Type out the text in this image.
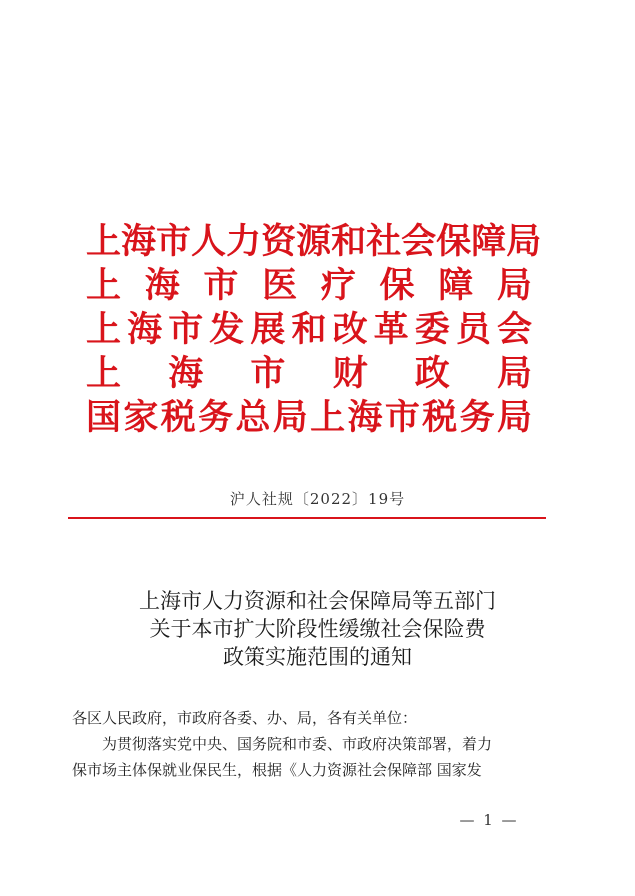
上 海 市 人 力 资 源 和 社 会 保 障 局
上 海 市 医 疗 保 障 局
上 海 市 发 展 和 改 革 委 员 会
上 海 市 财 政 局
国 家 税 务 总 局 上 海 市 税 务 局
沪人社规〔2022〕19号

上海市人力资源和社会保障局等五部门

关于本市扩大阶段性缓缴社会保险费

政策实施范围的通知

各区人民政府，市政府各委、办、局，各有关单位：

为贯彻落实党中央、国务院和市委、市政府决策部署，着力

保市场主体保就业保民生，根据《人力资源社会保障部 国家发

— 1 —
